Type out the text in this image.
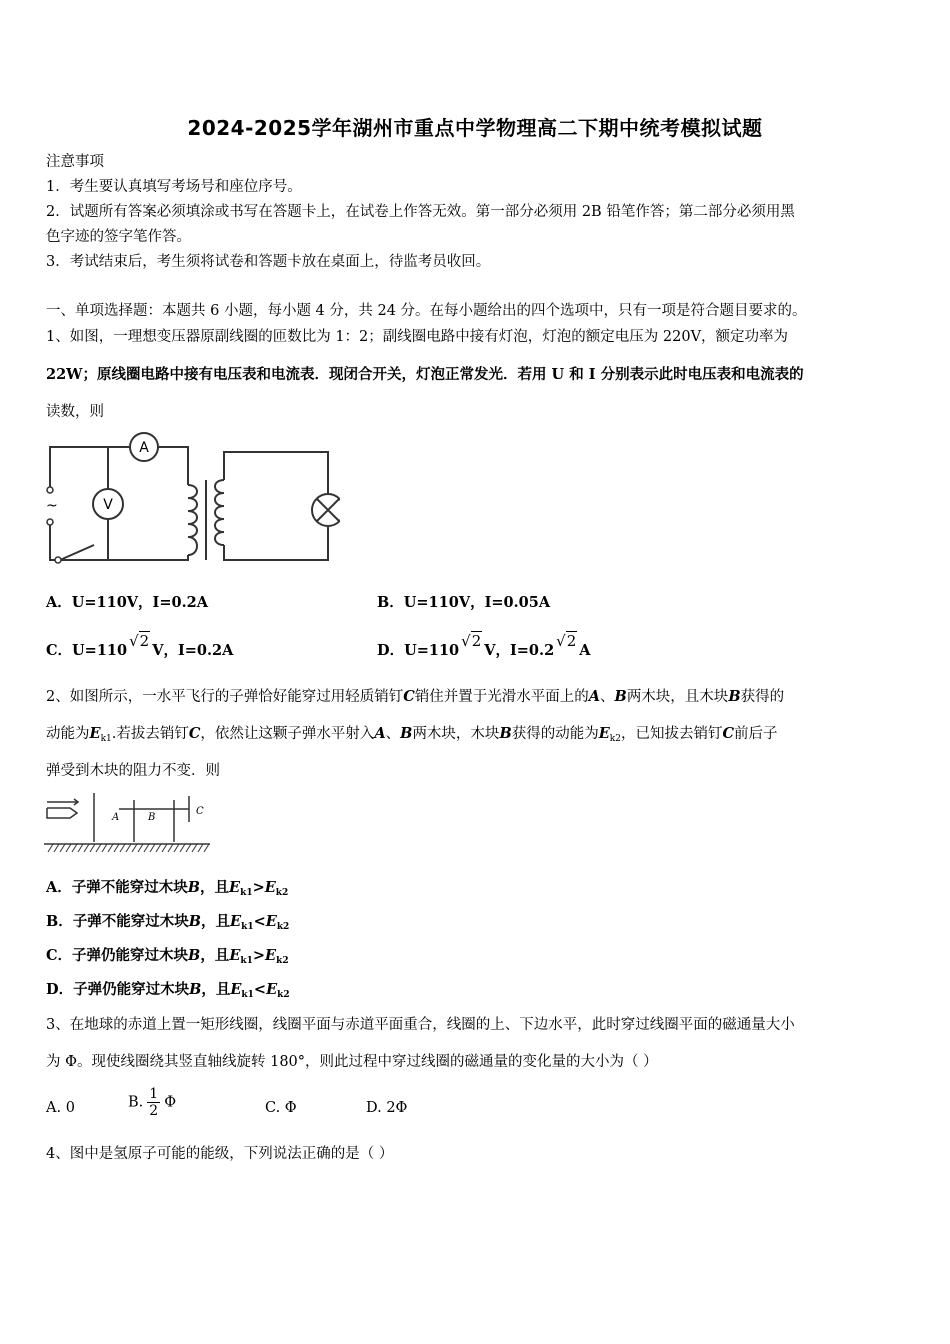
2024-2025学年湖州市重点中学物理高二下期中统考模拟试题
注意事项
1．考生要认真填写考场号和座位序号。
2．试题所有答案必须填涂或书写在答题卡上，在试卷上作答无效。第一部分必须用 2B 铅笔作答；第二部分必须用黑
色字迹的签字笔作答。
3．考试结束后，考生须将试卷和答题卡放在桌面上，待监考员收回。
一、单项选择题：本题共 6 小题，每小题 4 分，共 24 分。在每小题给出的四个选项中，只有一项是符合题目要求的。
1、如图，一理想变压器原副线圈的匝数比为 1：2；副线圈电路中接有灯泡，灯泡的额定电压为 220V，额定功率为
22W；原线圈电路中接有电压表和电流表．现闭合开关，灯泡正常发光．若用 U 和 I 分别表示此时电压表和电流表的
读数，则
A
V
~
A．U=110V，I=0.2A	B．U=110V，I=0.05A
C．U=110√2V，I=0.2A	D．U=110√2V，I=0.2√2A
2、如图所示，一水平飞行的子弹恰好能穿过用轻质销钉C销住并置于光滑水平面上的A、B两木块，且木块B获得的
动能为$E_{k1}$.若拔去销钉C，依然让这颗子弹水平射入A、B两木块，木块B获得的动能为$E_{k2}$，已知拔去销钉C前后子
弹受到木块的阻力不变．则
A	B
C
A．子弹不能穿过木块B，且$E_{k1}>E_{k2}$
B．子弹不能穿过木块B，且$E_{k1}<E_{k2}$
C．子弹仍能穿过木块B，且$E_{k1}>E_{k2}$
D．子弹仍能穿过木块B，且$E_{k1}<E_{k2}$
3、在地球的赤道上置一矩形线圈，线圈平面与赤道平面重合，线圈的上、下边水平，此时穿过线圈平面的磁通量大小
为 Φ。现使线圈绕其竖直轴线旋转 180°，则此过程中穿过线圈的磁通量的变化量的大小为（ ）
A. 0	B. $\frac{1}{2}$ Φ	C. Φ	D. 2Φ
4、图中是氢原子可能的能级，下列说法正确的是（ ）
